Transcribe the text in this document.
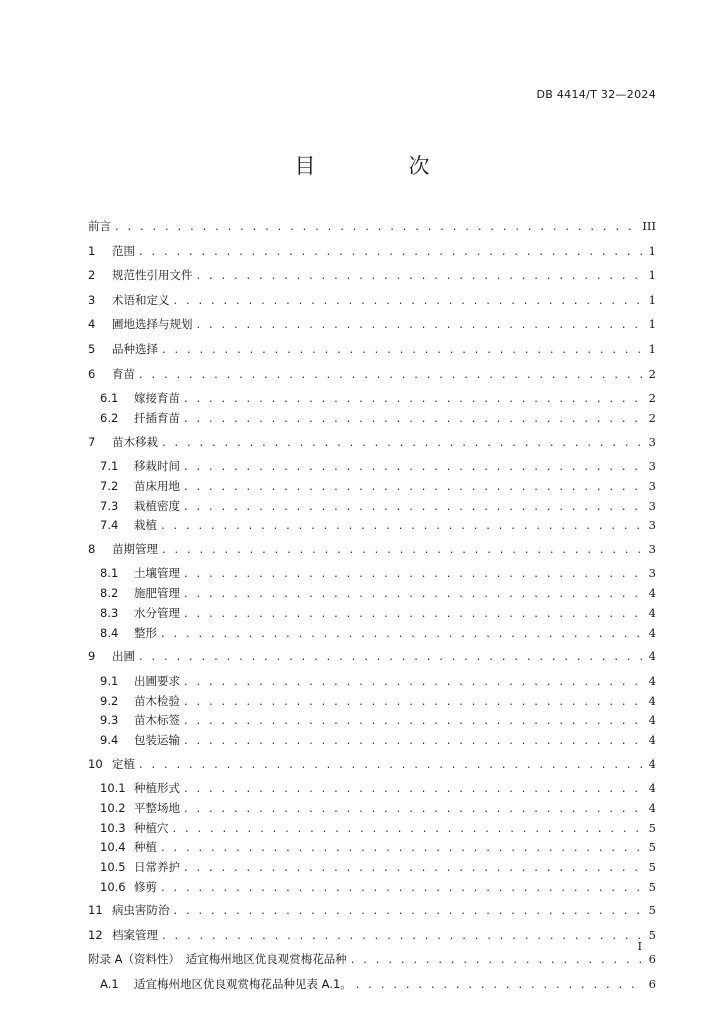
DB 4414/T 32—2024
目　次
前言 . . .	III
1	范围 . . .	1
2	规范性引用文件 . . .	1
3	术语和定义 . . .	1
4	圃地选择与规划 . . .	1
5	品种选择 . . .	1
6	育苗 . . .	2
6.1	嫁接育苗 . . .	2
6.2	扦插育苗 . . .	2
7	苗木移栽 . . .	3
7.1	移栽时间 . . .	3
7.2	苗床用地 . . .	3
7.3	栽植密度 . . .	3
7.4	栽植 . . .	3
8	苗期管理 . . .	3
8.1	土壤管理 . . .	3
8.2	施肥管理 . . .	4
8.3	水分管理 . . .	4
8.4	整形 . . .	4
9	出圃 . . .	4
9.1	出圃要求 . . .	4
9.2	苗木检验 . . .	4
9.3	苗木标签 . . .	4
9.4	包装运输 . . .	4
10 定植 . . .	4
10.1 种植形式 . . .	4
10.2 平整场地 . . .	4
10.3 种植穴 . . .	5
10.4 种植 . . .	5
10.5 日常养护 . . .	5
10.6 修剪 . . .	5
11 病虫害防治 . . .	5
12 档案管理 . . .	5
附录 A（资料性）　适宜梅州地区优良观赏梅花品种 . . .	6
A.1	适宜梅州地区优良观赏梅花品种见表 A.1。 . . .	6
I
